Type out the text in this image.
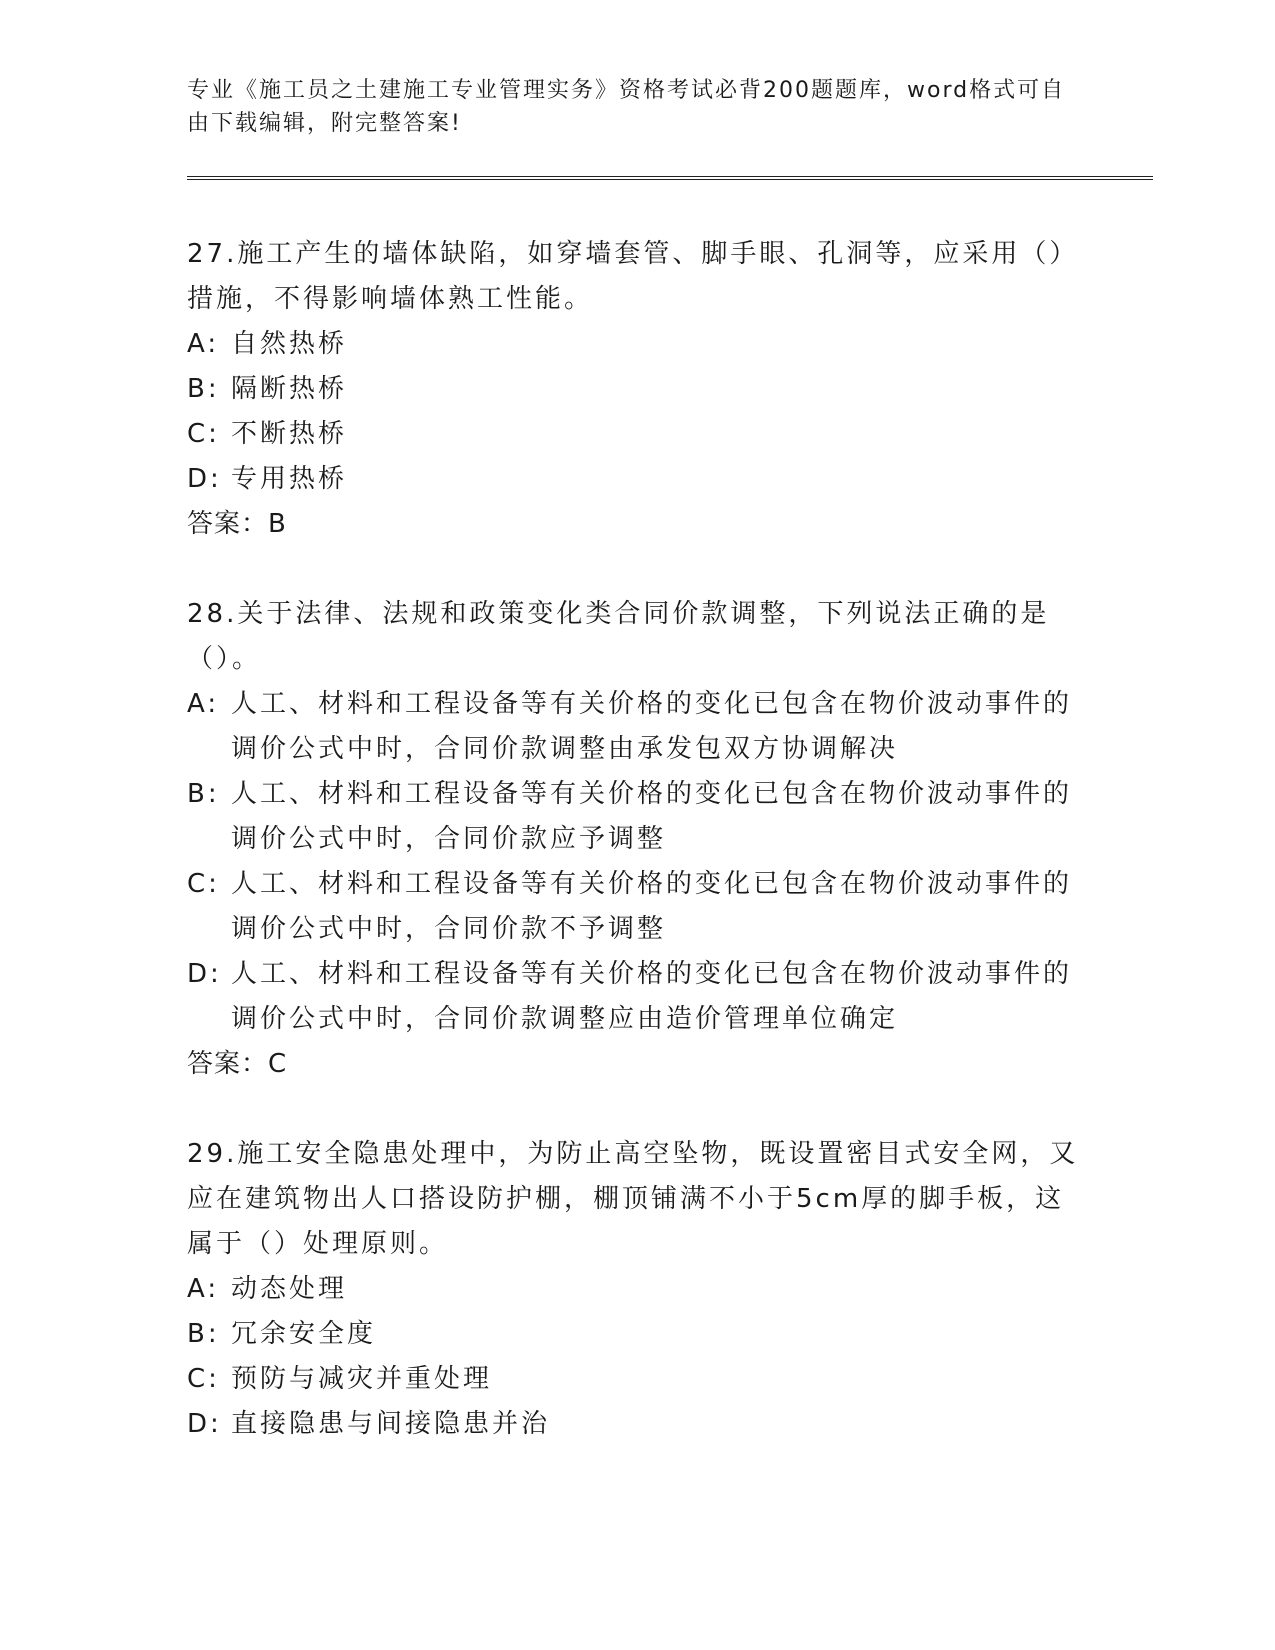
专业《施工员之土建施工专业管理实务》资格考试必背200题题库，word格式可自由下载编辑，附完整答案!
27.施工产生的墙体缺陷，如穿墙套管、脚手眼、孔洞等，应采用（）措施，不得影响墙体熟工性能。
A: 自然热桥
B: 隔断热桥
C: 不断热桥
D: 专用热桥
答案：B
28.关于法律、法规和政策变化类合同价款调整，下列说法正确的是（）。
A: 人工、材料和工程设备等有关价格的变化已包含在物价波动事件的调价公式中时，合同价款调整由承发包双方协调解决
B: 人工、材料和工程设备等有关价格的变化已包含在物价波动事件的调价公式中时，合同价款应予调整
C: 人工、材料和工程设备等有关价格的变化已包含在物价波动事件的调价公式中时，合同价款不予调整
D: 人工、材料和工程设备等有关价格的变化已包含在物价波动事件的调价公式中时，合同价款调整应由造价管理单位确定
答案：C
29.施工安全隐患处理中，为防止高空坠物，既设置密目式安全网，又应在建筑物出人口搭设防护棚，棚顶铺满不小于5cm厚的脚手板，这属于（）处理原则。
A: 动态处理
B: 冗余安全度
C: 预防与减灾并重处理
D: 直接隐患与间接隐患并治
